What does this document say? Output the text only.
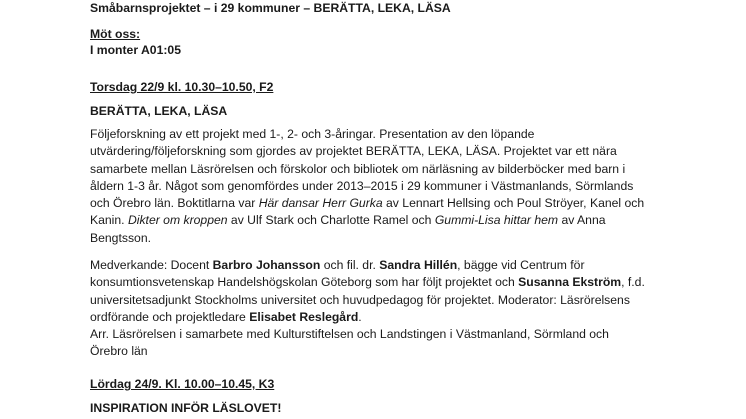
Småbarnsprojektet – i 29 kommuner – BERÄTTA, LEKA, LÄSA
Möt oss:
I monter A01:05
Torsdag 22/9 kl. 10.30–10.50, F2
BERÄTTA, LEKA, LÄSA
Följeforskning av ett projekt med 1-, 2- och 3-åringar. Presentation av den löpande
utvärdering/följeforskning som gjordes av projektet BERÄTTA, LEKA, LÄSA. Projektet var ett nära
samarbete mellan Läsrörelsen och förskolor och bibliotek om närläsning av bilderböcker med barn i
åldern 1-3 år. Något som genomfördes under 2013–2015 i 29 kommuner i Västmanlands, Sörmlands
och Örebro län. Boktitlarna var Här dansar Herr Gurka av Lennart Hellsing och Poul Ströyer, Kanel och
Kanin. Dikter om kroppen av Ulf Stark och Charlotte Ramel och Gummi-Lisa hittar hem av Anna
Bengtsson.
Medverkande: Docent Barbro Johansson och fil. dr. Sandra Hillén, bägge vid Centrum för
konsumtionsvetenskap Handelshögskolan Göteborg som har följt projektet och Susanna Ekström, f.d.
universitetsadjunkt Stockholms universitet och huvudpedagog för projektet. Moderator: Läsrörelsens
ordförande och projektledare Elisabet Reslegård.
Arr. Läsrörelsen i samarbete med Kulturstiftelsen och Landstingen i Västmanland, Sörmland och
Örebro län
Lördag 24/9. Kl. 10.00–10.45, K3
INSPIRATION INFÖR LÄSLOVET!
